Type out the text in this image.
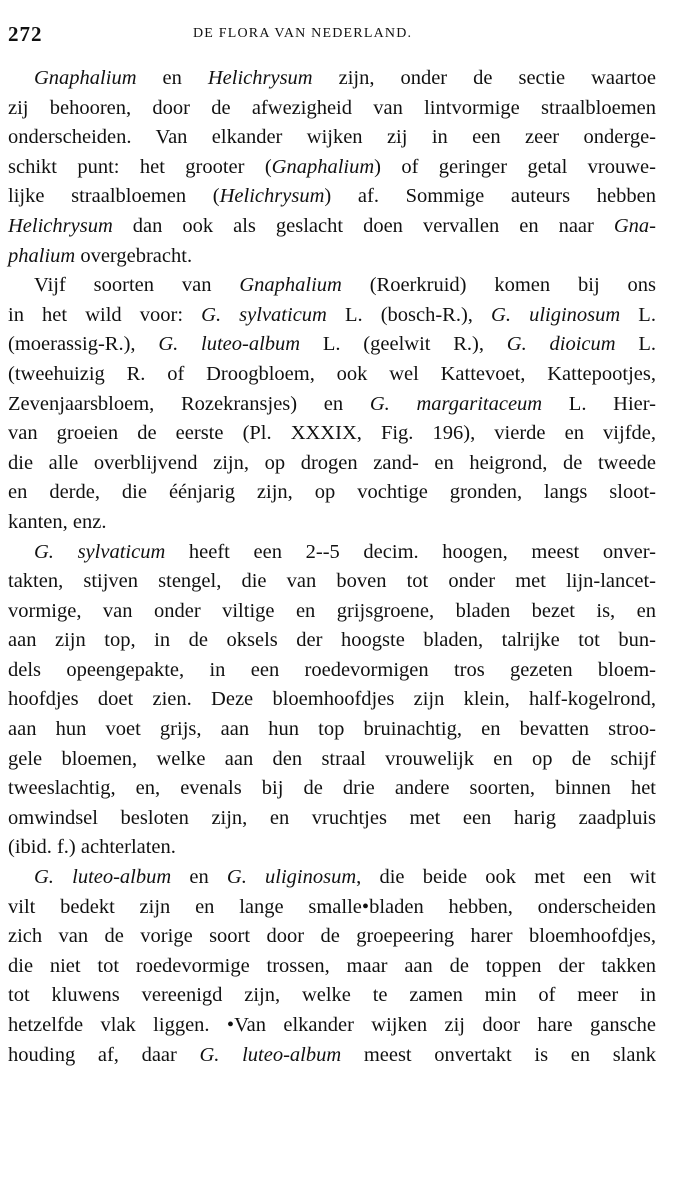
272	DE FLORA VAN NEDERLAND.
Gnaphalium en Helichrysum zijn, onder de sectie waartoe
zij behooren, door de afwezigheid van lintvormige straalbloemen
onderscheiden. Van elkander wijken zij in een zeer onderge-
schikt punt: het grooter (Gnaphalium) of geringer getal vrouwe-
lijke straalbloemen (Helichrysum) af. Sommige auteurs hebben
Helichrysum dan ook als geslacht doen vervallen en naar Gna-
phalium overgebracht.
Vijf soorten van Gnaphalium (Roerkruid) komen bij ons
in het wild voor: G. sylvaticum L. (bosch-R.), G. uliginosum L.
(moerassig-R.), G. luteo-album L. (geelwit R.), G. dioicum L.
(tweehuizig R. of Droogbloem, ook wel Kattevoet, Kattepootjes,
Zevenjaarsbloem, Rozekransjes) en G. margaritaceum L. Hier-
van groeien de eerste (Pl. XXXIX, Fig. 196), vierde en vijfde,
die alle overblijvend zijn, op drogen zand- en heigrond, de tweede
en derde, die éénjarig zijn, op vochtige gronden, langs sloot-
kanten, enz.
G. sylvaticum heeft een 2--5 decim. hoogen, meest onver-
takten, stijven stengel, die van boven tot onder met lijn-lancet-
vormige, van onder viltige en grijsgroene, bladen bezet is, en
aan zijn top, in de oksels der hoogste bladen, talrijke tot bun-
dels opeengepakte, in een roedevormigen tros gezeten bloem-
hoofdjes doet zien. Deze bloemhoofdjes zijn klein, half-kogelrond,
aan hun voet grijs, aan hun top bruinachtig, en bevatten stroo-
gele bloemen, welke aan den straal vrouwelijk en op de schijf
tweeslachtig, en, evenals bij de drie andere soorten, binnen het
omwindsel besloten zijn, en vruchtjes met een harig zaadpluis
(ibid. f.) achterlaten.
G. luteo-album en G. uliginosum, die beide ook met een wit
vilt bedekt zijn en lange smalle•bladen hebben, onderscheiden
zich van de vorige soort door de groepeering harer bloemhoofdjes,
die niet tot roedevormige trossen, maar aan de toppen der takken
tot kluwens vereenigd zijn, welke te zamen min of meer in
hetzelfde vlak liggen. •Van elkander wijken zij door hare gansche
houding af, daar G. luteo-album meest onvertakt is en slank
